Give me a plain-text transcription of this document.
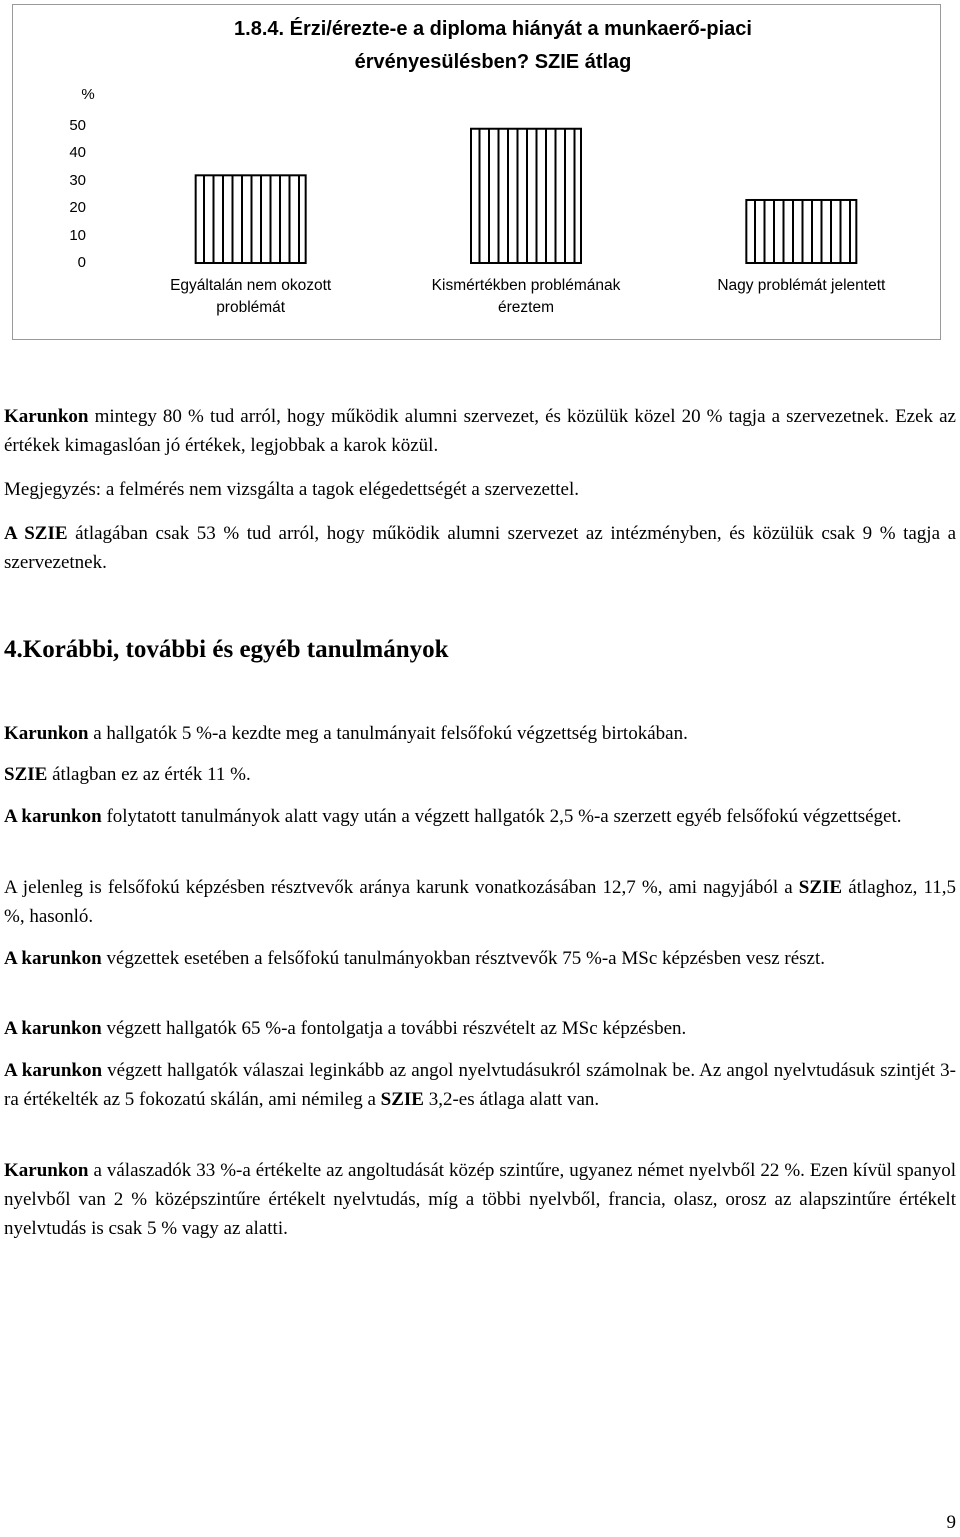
1.8.4. Érzi/érezte-e a diploma hiányát a munkaerő-piaci
érvényesülésben? SZIE átlag
%
50
40
30
20
10
0
Egyáltalán nem okozott
problémát
Kismértékben problémának
éreztem
Nagy problémát jelentett

Karunkon mintegy 80 % tud arról, hogy működik alumni szervezet, és közülük közel 20 % tagja a szervezetnek. Ezek az értékek kimagaslóan jó értékek, legjobbak a karok közül.

Megjegyzés: a felmérés nem vizsgálta a tagok elégedettségét a szervezettel.

A SZIE átlagában csak 53 % tud arról, hogy működik alumni szervezet az intézményben, és közülük csak 9 % tagja a szervezetnek.

4.Korábbi, további és egyéb tanulmányok

Karunkon a hallgatók 5 %-a kezdte meg a tanulmányait felsőfokú végzettség birtokában.

SZIE átlagban ez az érték 11 %.

A karunkon folytatott tanulmányok alatt vagy után a végzett hallgatók 2,5 %-a szerzett egyéb felsőfokú végzettséget.

A jelenleg is felsőfokú képzésben résztvevők aránya karunk vonatkozásában 12,7 %, ami nagyjából a SZIE átlaghoz, 11,5 %, hasonló.

A karunkon végzettek esetében a felsőfokú tanulmányokban résztvevők 75 %-a MSc képzésben vesz részt.

A karunkon végzett hallgatók 65 %-a fontolgatja a további részvételt az MSc képzésben.

A karunkon végzett hallgatók válaszai leginkább az angol nyelvtudásukról számolnak be. Az angol nyelvtudásuk szintjét 3-ra értékelték az 5 fokozatú skálán, ami némileg a SZIE 3,2-es átlaga alatt van.

Karunkon a válaszadók 33 %-a értékelte az angoltudását közép szintűre, ugyanez német nyelvből 22 %. Ezen kívül spanyol nyelvből van 2 % középszintűre értékelt nyelvtudás, míg a többi nyelvből, francia, olasz, orosz az alapszintűre értékelt nyelvtudás is csak 5 % vagy az alatti.

9
